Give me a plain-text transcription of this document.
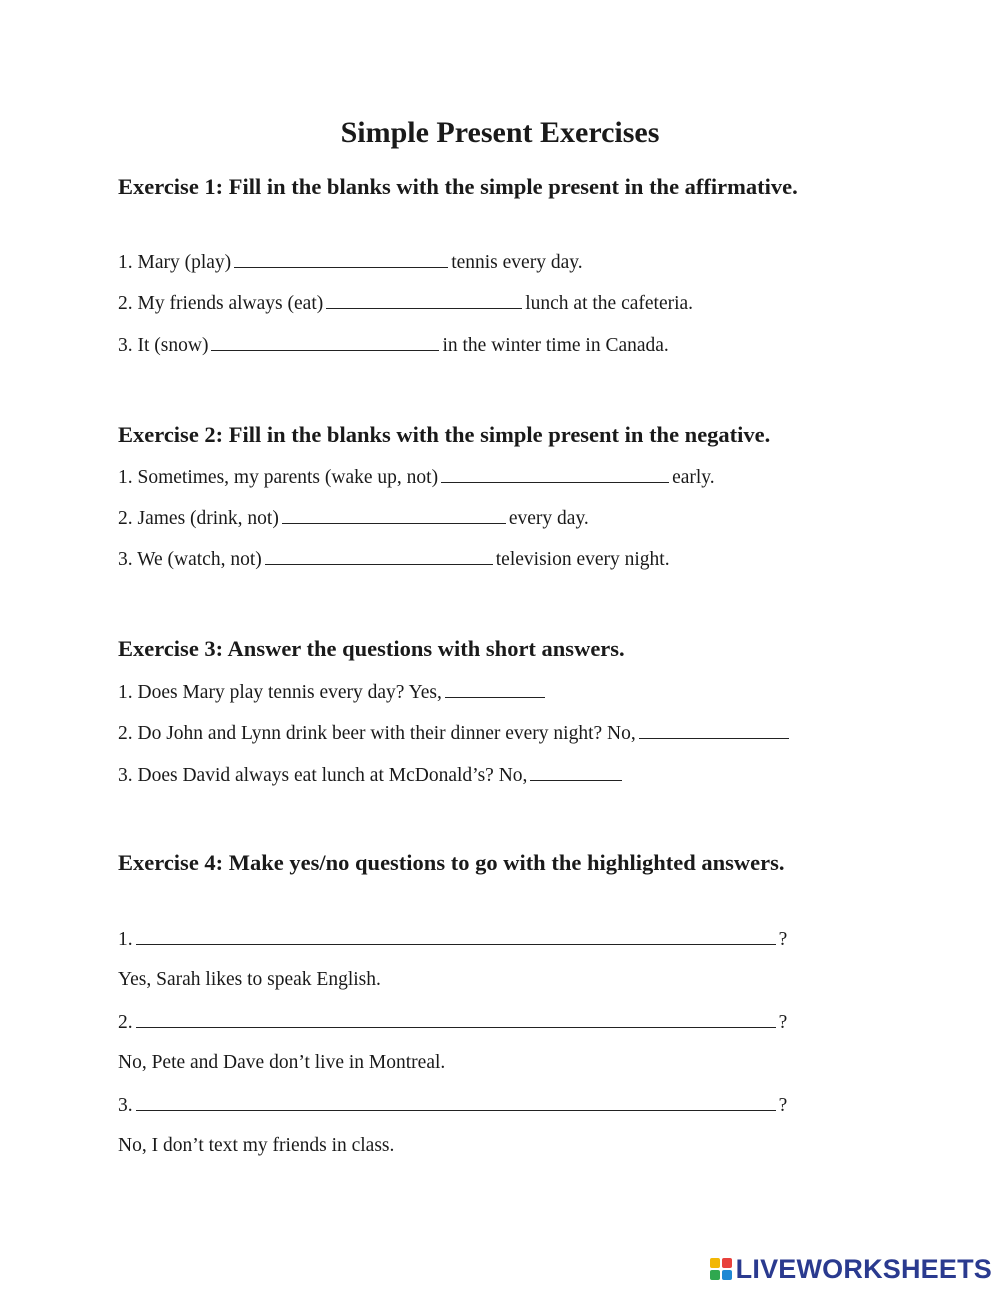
Simple Present Exercises
Exercise 1: Fill in the blanks with the simple present in the affirmative.
1. Mary (play)	tennis every day.
2. My friends always (eat)	lunch at the cafeteria.
3. It (snow)	in the winter time in Canada.
Exercise 2: Fill in the blanks with the simple present in the negative.
1. Sometimes, my parents (wake up, not)	early.
2. James (drink, not)	every day.
3. We (watch, not)	television every night.
Exercise 3: Answer the questions with short answers.
1. Does Mary play tennis every day? Yes,
2. Do John and Lynn drink beer with their dinner every night? No,
3. Does David always eat lunch at McDonald’s? No,
Exercise 4: Make yes/no questions to go with the highlighted answers.
1.	?
Yes, Sarah likes to speak English.
2.	?
No, Pete and Dave don’t live in Montreal.
3.	?
No, I don’t text my friends in class.
LIVEWORKSHEETS
